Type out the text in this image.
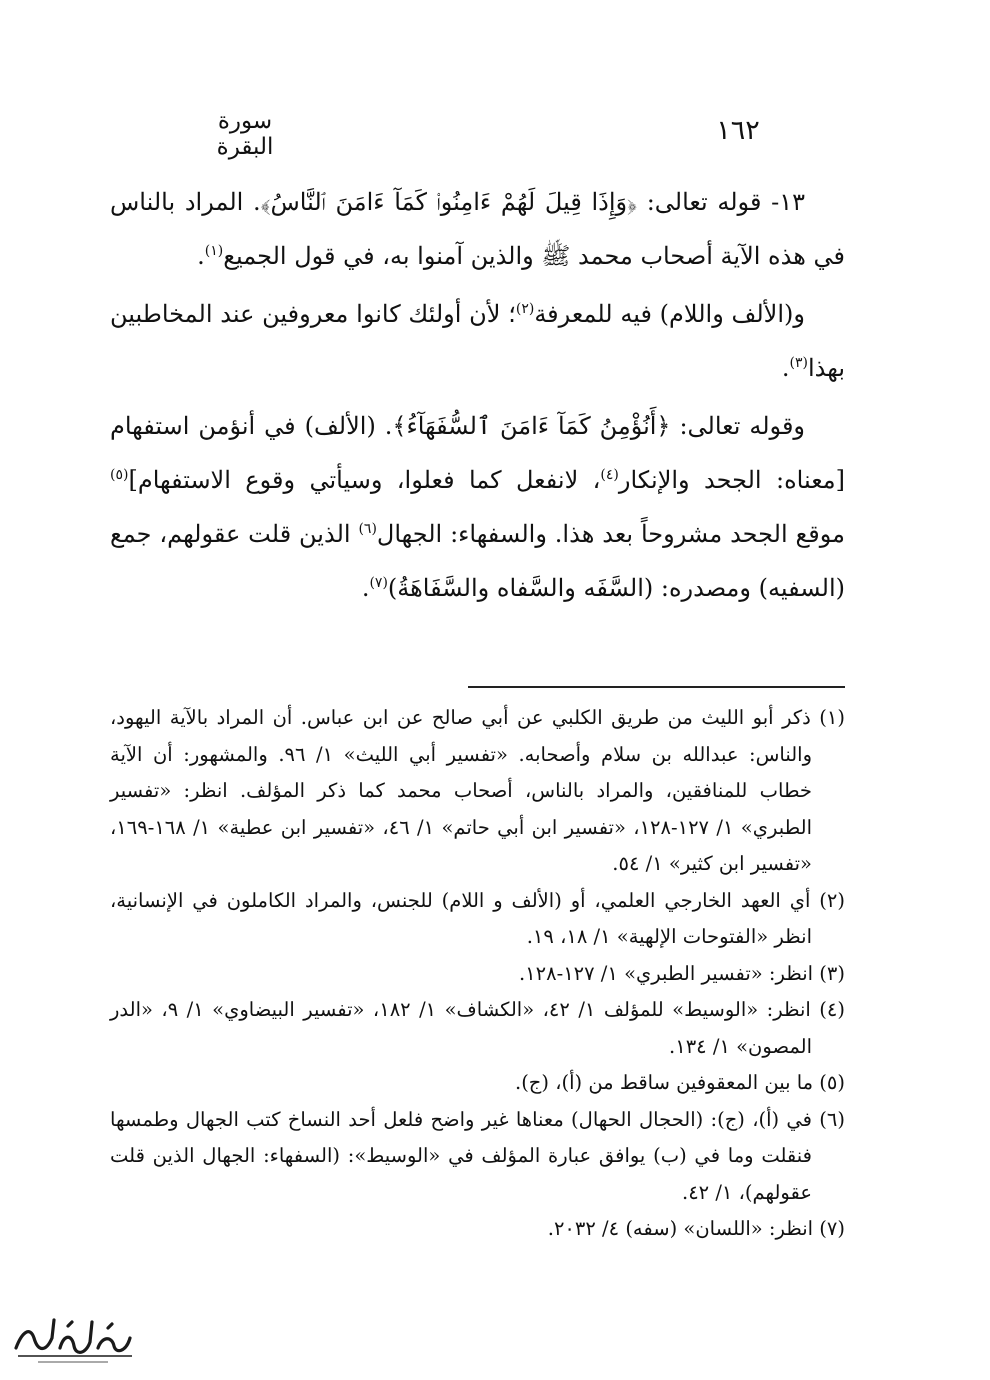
سورة البقرة
١٦٢

١٣- قوله تعالى: ﴿وَإِذَا قِيلَ لَهُمْ ءَامِنُوا۟ كَمَآ ءَامَنَ ٱلنَّاسُ﴾. المراد بالناس في هذه الآية أصحاب محمد ﷺ والذين آمنوا به، في قول الجميع$^{(١)}$.

و(الألف واللام) فيه للمعرفة$^{(٢)}$؛ لأن أولئك كانوا معروفين عند المخاطبين بهذا$^{(٣)}$.

وقوله تعالى: ﴿أَنُؤْمِنُ كَمَآ ءَامَنَ ٱلسُّفَهَآءُ﴾. (الألف) في أنؤمن استفهام [معناه: الجحد والإنكار$^{(٤)}$، لانفعل كما فعلوا، وسيأتي وقوع الاستفهام]$^{(٥)}$ موقع الجحد مشروحاً بعد هذا. والسفهاء: الجهال$^{(٦)}$ الذين قلت عقولهم، جمع (السفيه) ومصدره: (السَّفَه والسَّفاه والسَّفَاهَةُ)$^{(٧)}$.

(١) ذكر أبو الليث من طريق الكلبي عن أبي صالح عن ابن عباس. أن المراد بالآية اليهود، والناس: عبدالله بن سلام وأصحابه. «تفسير أبي الليث» ١/ ٩٦. والمشهور: أن الآية خطاب للمنافقين، والمراد بالناس، أصحاب محمد كما ذكر المؤلف. انظر: «تفسير الطبري» ١/ ١٢٧-١٢٨، «تفسير ابن أبي حاتم» ١/ ٤٦، «تفسير ابن عطية» ١/ ١٦٨-١٦٩، «تفسير ابن كثير» ١/ ٥٤.

(٢) أي العهد الخارجي العلمي، أو (الألف و اللام) للجنس، والمراد الكاملون في الإنسانية، انظر «الفتوحات الإلهية» ١/ ١٨، ١٩.

(٣) انظر: «تفسير الطبري» ١/ ١٢٧-١٢٨.

(٤) انظر: «الوسيط» للمؤلف ١/ ٤٢، «الكشاف» ١/ ١٨٢، «تفسير البيضاوي» ١/ ٩، «الدر المصون» ١/ ١٣٤.

(٥) ما بين المعقوفين ساقط من (أ)، (ج).

(٦) في (أ)، (ج): (الحجال الحهال) معناها غير واضح فلعل أحد النساخ كتب الجهال وطمسها فنقلت وما في (ب) يوافق عبارة المؤلف في «الوسيط»: (السفهاء: الجهال الذين قلت عقولهم)، ١/ ٤٢.

(٧) انظر: «اللسان» (سفه) ٤/ ٢٠٣٢.
